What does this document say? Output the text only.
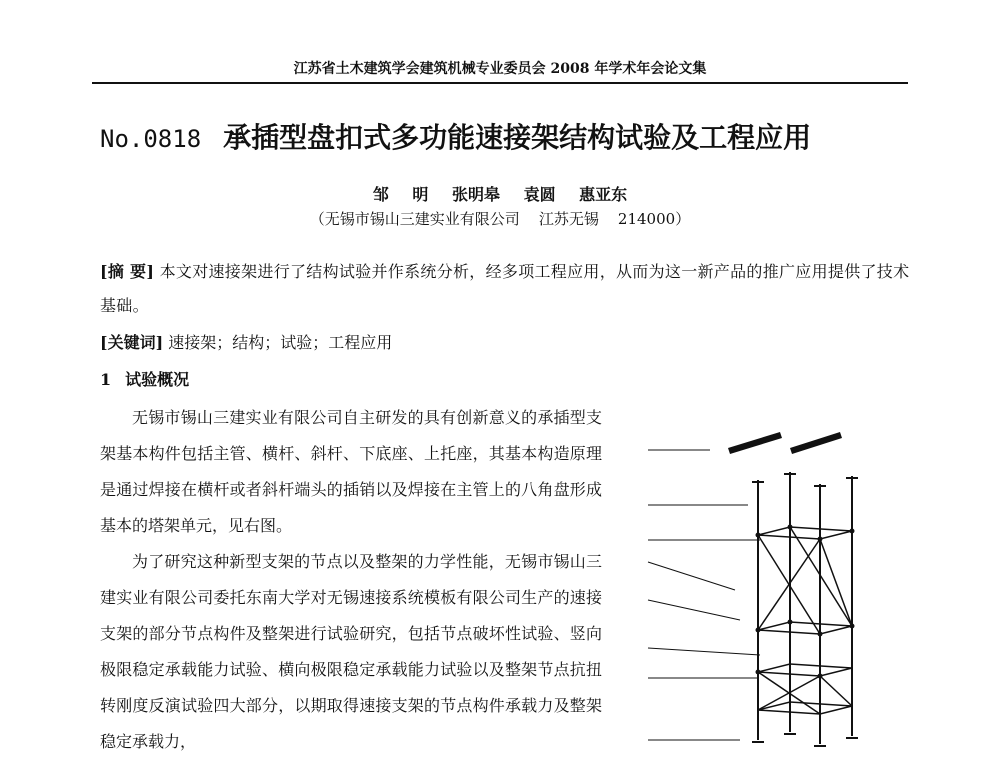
江苏省土木建筑学会建筑机械专业委员会 2008 年学术年会论文集
No.0818 承插型盘扣式多功能速接架结构试验及工程应用
邹 明 张明皋 袁圆 惠亚东
（无锡市锡山三建实业有限公司    江苏无锡    214000）
[摘 要] 本文对速接架进行了结构试验并作系统分析，经多项工程应用，从而为这一新产品的推广应用提供了技术基础。
[关键词] 速接架；结构；试验；工程应用
1 试验概况

无锡市锡山三建实业有限公司自主研发的具有创新意义的承插型支架基本构件包括主管、横杆、斜杆、下底座、上托座，其基本构造原理是通过焊接在横杆或者斜杆端头的插销以及焊接在主管上的八角盘形成基本的塔架单元，见右图。

为了研究这种新型支架的节点以及整架的力学性能，无锡市锡山三建实业有限公司委托东南大学对无锡速接系统模板有限公司生产的速接支架的部分节点构件及整架进行试验研究，包括节点破坏性试验、竖向极限稳定承载能力试验、横向极限稳定承载能力试验以及整架节点抗扭转刚度反演试验四大部分，以期取得速接支架的节点构件承载力及整架稳定承载力，
